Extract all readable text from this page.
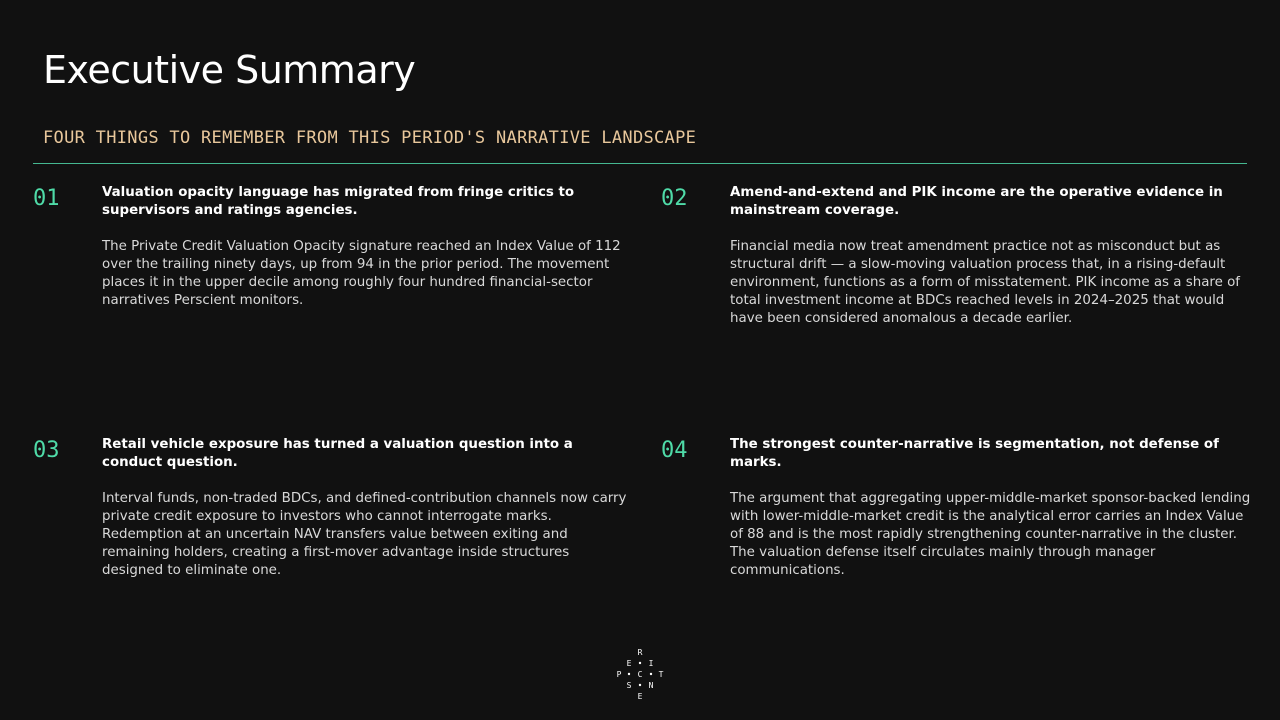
Executive Summary
FOUR THINGS TO REMEMBER FROM THIS PERIOD'S NARRATIVE LANDSCAPE
01	Valuation opacity language has migrated from fringe critics to supervisors and ratings agencies.

The Private Credit Valuation Opacity signature reached an Index Value of 112 over the trailing ninety days, up from 94 in the prior period. The movement places it in the upper decile among roughly four hundred financial-sector narratives Perscient monitors.

02	Amend-and-extend and PIK income are the operative evidence in mainstream coverage.

Financial media now treat amendment practice not as misconduct but as structural drift — a slow-moving valuation process that, in a rising-default environment, functions as a form of misstatement. PIK income as a share of total investment income at BDCs reached levels in 2024–2025 that would have been considered anomalous a decade earlier.

03	Retail vehicle exposure has turned a valuation question into a conduct question.

Interval funds, non-traded BDCs, and defined-contribution channels now carry private credit exposure to investors who cannot interrogate marks. Redemption at an uncertain NAV transfers value between exiting and remaining holders, creating a first-mover advantage inside structures designed to eliminate one.

04	The strongest counter-narrative is segmentation, not defense of marks.

The argument that aggregating upper-middle-market sponsor-backed lending with lower-middle-market credit is the analytical error carries an Index Value of 88 and is the most rapidly strengthening counter-narrative in the cluster. The valuation defense itself circulates mainly through manager communications.

R
E I
P C T
S N
E
